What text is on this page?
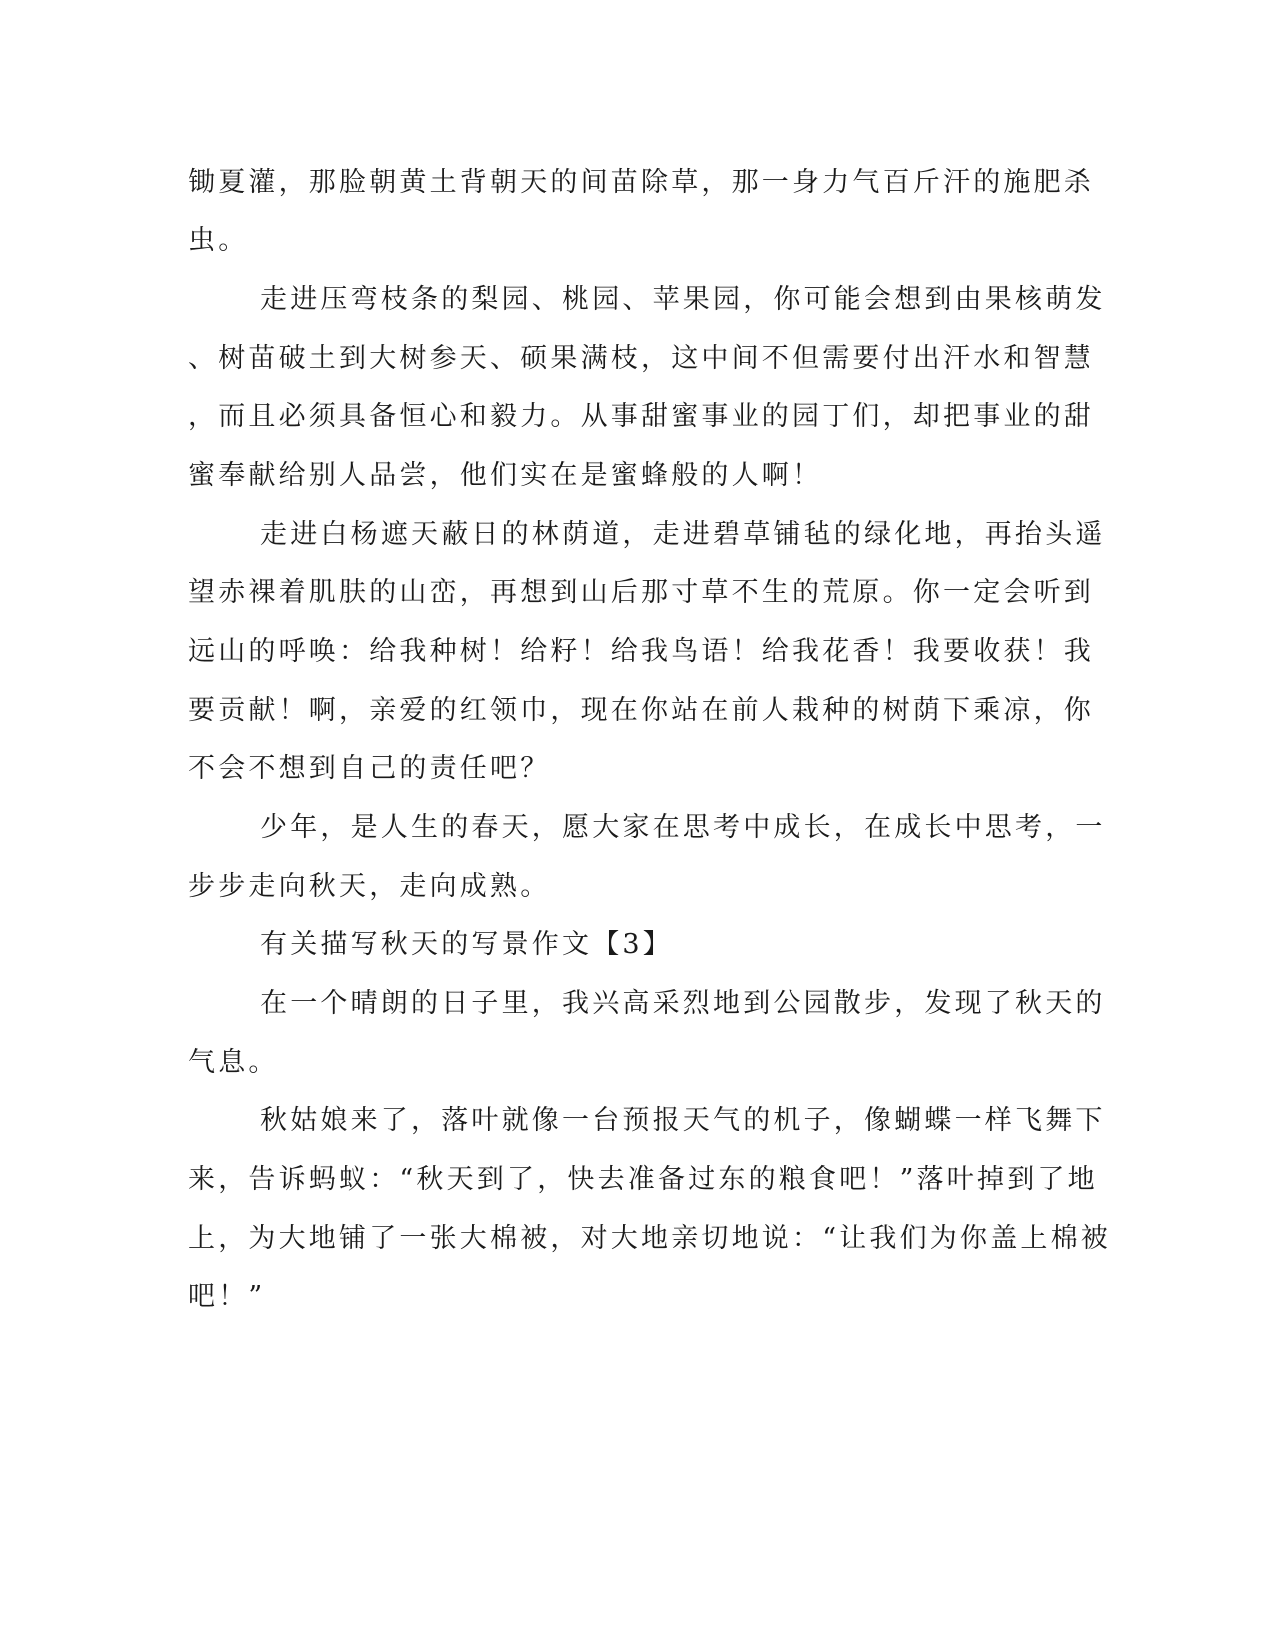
锄夏灌，那脸朝黄土背朝天的间苗除草，那一身力气百斤汗的施肥杀
虫。
走进压弯枝条的梨园、桃园、苹果园，你可能会想到由果核萌发
、树苗破土到大树参天、硕果满枝，这中间不但需要付出汗水和智慧
，而且必须具备恒心和毅力。从事甜蜜事业的园丁们，却把事业的甜
蜜奉献给别人品尝，他们实在是蜜蜂般的人啊！
走进白杨遮天蔽日的林荫道，走进碧草铺毡的绿化地，再抬头遥
望赤裸着肌肤的山峦，再想到山后那寸草不生的荒原。你一定会听到
远山的呼唤：给我种树！给籽！给我鸟语！给我花香！我要收获！我
要贡献！啊，亲爱的红领巾，现在你站在前人栽种的树荫下乘凉，你
不会不想到自己的责任吧？
少年，是人生的春天，愿大家在思考中成长，在成长中思考，一
步步走向秋天，走向成熟。
有关描写秋天的写景作文【3】
在一个晴朗的日子里，我兴高采烈地到公园散步，发现了秋天的
气息。
秋姑娘来了，落叶就像一台预报天气的机子，像蝴蝶一样飞舞下
来，告诉蚂蚁：“秋天到了，快去准备过东的粮食吧！”落叶掉到了地
上，为大地铺了一张大棉被，对大地亲切地说：“让我们为你盖上棉被
吧！”
